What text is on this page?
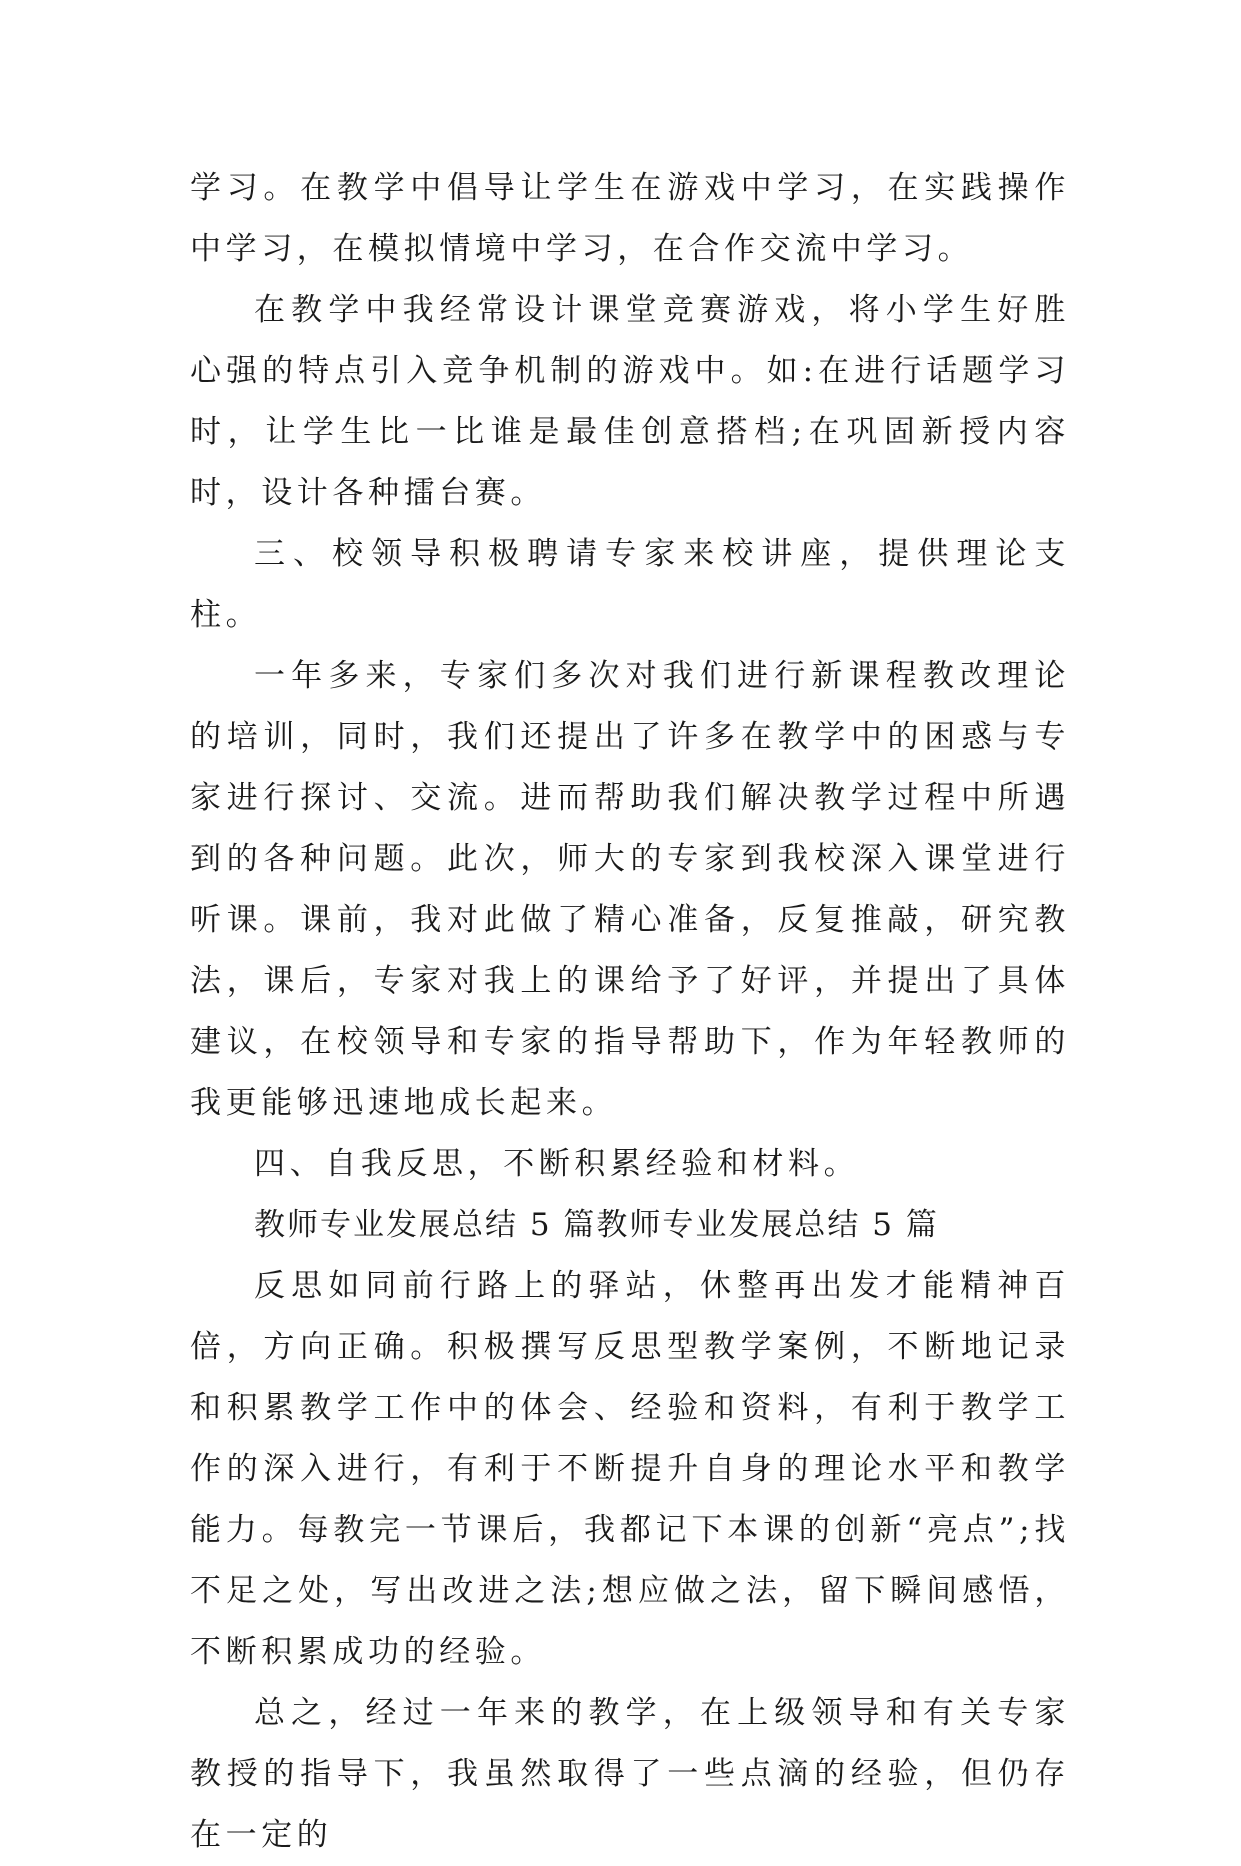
学习。在教学中倡导让学生在游戏中学习，在实践操作中学习，在模拟情境中学习，在合作交流中学习。

在教学中我经常设计课堂竞赛游戏，将小学生好胜心强的特点引入竞争机制的游戏中。如:在进行话题学习时，让学生比一比谁是最佳创意搭档;在巩固新授内容时，设计各种擂台赛。

三、校领导积极聘请专家来校讲座，提供理论支柱。

一年多来，专家们多次对我们进行新课程教改理论的培训，同时，我们还提出了许多在教学中的困惑与专家进行探讨、交流。进而帮助我们解决教学过程中所遇到的各种问题。此次，师大的专家到我校深入课堂进行听课。课前，我对此做了精心准备，反复推敲，研究教法，课后，专家对我上的课给予了好评，并提出了具体建议，在校领导和专家的指导帮助下，作为年轻教师的我更能够迅速地成长起来。

四、自我反思，不断积累经验和材料。

教师专业发展总结 5 篇教师专业发展总结 5 篇

反思如同前行路上的驿站，休整再出发才能精神百倍，方向正确。积极撰写反思型教学案例，不断地记录和积累教学工作中的体会、经验和资料，有利于教学工作的深入进行，有利于不断提升自身的理论水平和教学能力。每教完一节课后，我都记下本课的创新“亮点”;找不足之处，写出改进之法;想应做之法，留下瞬间感悟，不断积累成功的经验。

总之，经过一年来的教学，在上级领导和有关专家教授的指导下，我虽然取得了一些点滴的经验，但仍存在一定的
